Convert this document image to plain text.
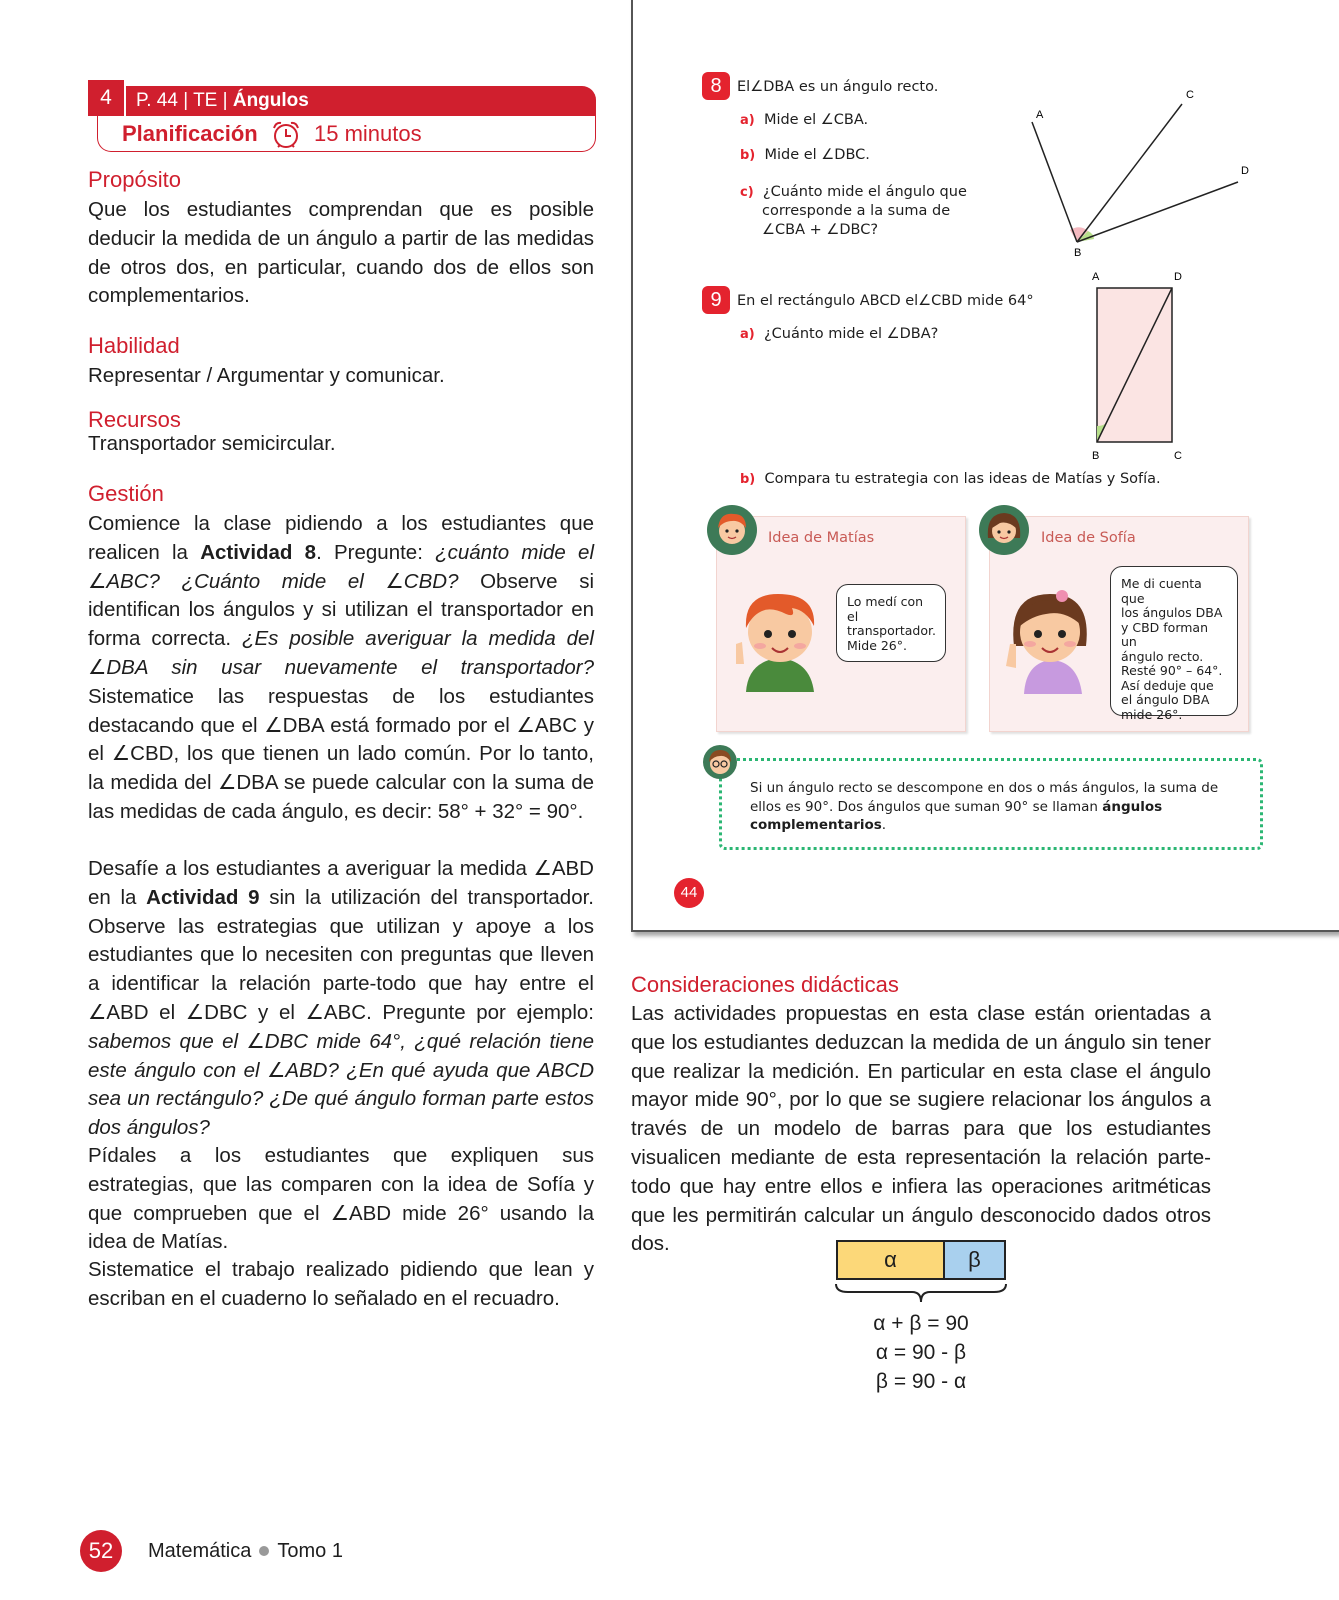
4	P. 44 | TE | Ángulos
Planificación	15 minutos
Propósito
Que los estudiantes comprendan que es posible deducir la medida de un ángulo a partir de las medidas de otros dos, en particular, cuando dos de ellos son complementarios.
Habilidad
Representar / Argumentar y comunicar.
Recursos
Transportador semicircular.
Gestión
Comience la clase pidiendo a los estudiantes que realicen la Actividad 8. Pregunte: ¿cuánto mide el ∠ABC? ¿Cuánto mide el ∠CBD? Observe si identifican los ángulos y si utilizan el transportador en forma correcta. ¿Es posible averiguar la medida del ∠DBA sin usar nuevamente el transportador? Sistematice las respuestas de los estudiantes destacando que el ∠DBA está formado por el ∠ABC y el ∠CBD, los que tienen un lado común. Por lo tanto, la medida del ∠DBA se puede calcular con la suma de las medidas de cada ángulo, es decir: 58° + 32° = 90°.
Desafíe a los estudiantes a averiguar la medida ∠ABD en la Actividad 9 sin la utilización del transportador. Observe las estrategias que utilizan y apoye a los estudiantes que lo necesiten con preguntas que lleven a identificar la relación parte-todo que hay entre el ∠ABD el ∠DBC y el ∠ABC. Pregunte por ejemplo: sabemos que el ∠DBC mide 64°, ¿qué relación tiene este ángulo con el ∠ABD? ¿En qué ayuda que ABCD sea un rectángulo? ¿De qué ángulo forman parte estos dos ángulos?
Pídales a los estudiantes que expliquen sus estrategias, que las comparen con la idea de Sofía y que comprueben que el ∠ABD mide 26° usando la idea de Matías.
Sistematice el trabajo realizado pidiendo que lean y escriban en el cuaderno lo señalado en el recuadro.
8	El∠DBA es un ángulo recto.
a) Mide el ∠CBA.
b) Mide el ∠DBC.
c) ¿Cuánto mide el ángulo que
corresponde a la suma de
∠CBA + ∠DBC?
A
C
D
B
9	En el rectángulo ABCD el∠CBD mide 64°
a) ¿Cuánto mide el ∠DBA?
A	D
B	C
b) Compara tu estrategia con las ideas de Matías y Sofía.
Idea de Matías
Lo medí con el
transportador.
Mide 26°.
Idea de Sofía
Me di cuenta que
los ángulos DBA
y CBD forman un
ángulo recto.
Resté 90° – 64°.
Así deduje que
el ángulo DBA
mide 26°.
Si un ángulo recto se descompone en dos o más ángulos, la suma de ellos es 90°. Dos ángulos que suman 90° se llaman ángulos complementarios.
44
Consideraciones didácticas
Las actividades propuestas en esta clase están orientadas a que los estudiantes deduzcan la medida de un ángulo sin tener que realizar la medición. En particular en esta clase el ángulo mayor mide 90°, por lo que se sugiere relacionar los ángulos a través de un modelo de barras para que los estudiantes visualicen mediante de esta representación la relación parte-todo que hay entre ellos e infiera las operaciones aritméticas que les permitirán calcular un ángulo desconocido dados otros dos.
α	β
α + β = 90
α = 90 - β
β = 90 - α
52	Matemática Tomo 1
